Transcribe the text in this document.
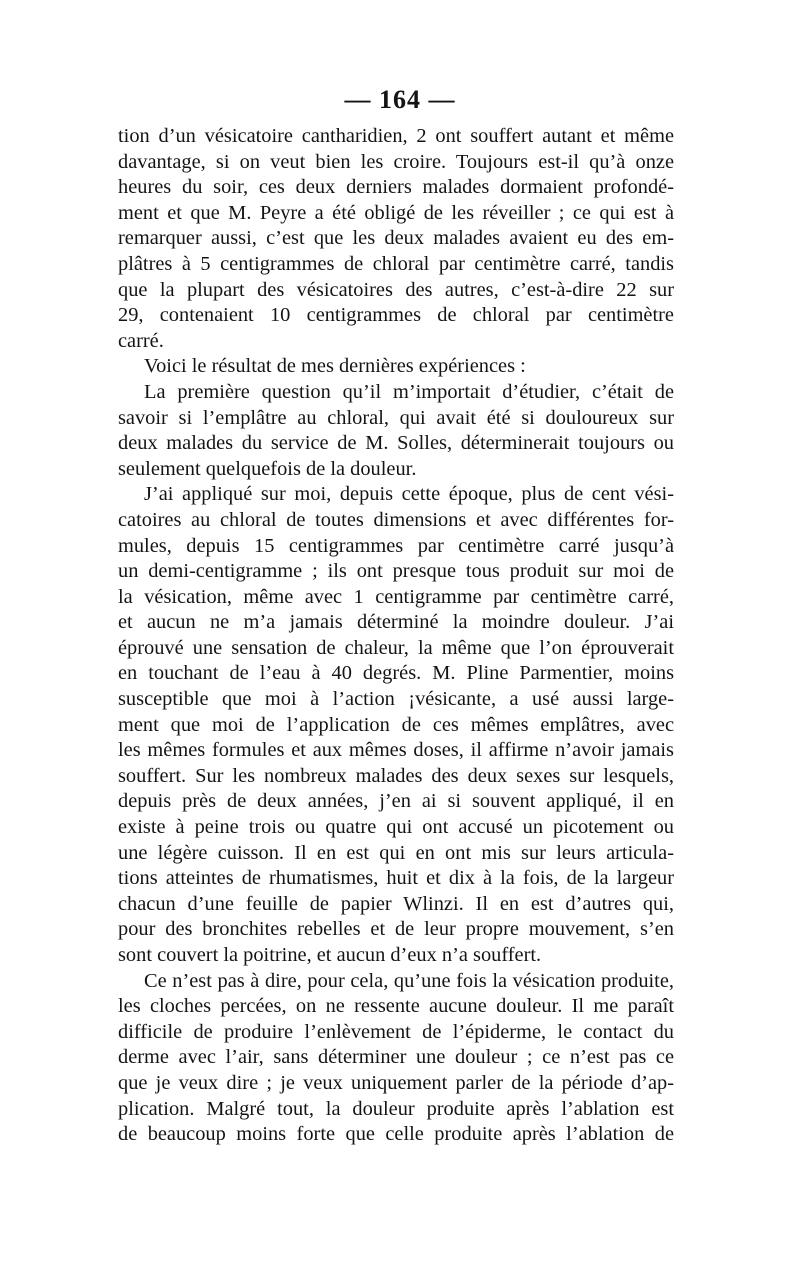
— 164 —
tion d’un vésicatoire cantharidien, 2 ont souffert autant et même
davantage, si on veut bien les croire. Toujours est-il qu’à onze
heures du soir, ces deux derniers malades dormaient profondé-
ment et que M. Peyre a été obligé de les réveiller ; ce qui est à
remarquer aussi, c’est que les deux malades avaient eu des em-
plâtres à 5 centigrammes de chloral par centimètre carré, tandis
que la plupart des vésicatoires des autres, c’est-à-dire 22 sur
29, contenaient 10 centigrammes de chloral par centimètre
carré.
Voici le résultat de mes dernières expériences :
La première question qu’il m’importait d’étudier, c’était de
savoir si l’emplâtre au chloral, qui avait été si douloureux sur
deux malades du service de M. Solles, déterminerait toujours ou
seulement quelquefois de la douleur.
J’ai appliqué sur moi, depuis cette époque, plus de cent vési-
catoires au chloral de toutes dimensions et avec différentes for-
mules, depuis 15 centigrammes par centimètre carré jusqu’à
un demi-centigramme ; ils ont presque tous produit sur moi de
la vésication, même avec 1 centigramme par centimètre carré,
et aucun ne m’a jamais déterminé la moindre douleur. J’ai
éprouvé une sensation de chaleur, la même que l’on éprouverait
en touchant de l’eau à 40 degrés. M. Pline Parmentier, moins
susceptible que moi à l’action ¡vésicante, a usé aussi large-
ment que moi de l’application de ces mêmes emplâtres, avec
les mêmes formules et aux mêmes doses, il affirme n’avoir jamais
souffert. Sur les nombreux malades des deux sexes sur lesquels,
depuis près de deux années, j’en ai si souvent appliqué, il en
existe à peine trois ou quatre qui ont accusé un picotement ou
une légère cuisson. Il en est qui en ont mis sur leurs articula-
tions atteintes de rhumatismes, huit et dix à la fois, de la largeur
chacun d’une feuille de papier Wlinzi. Il en est d’autres qui,
pour des bronchites rebelles et de leur propre mouvement, s’en
sont couvert la poitrine, et aucun d’eux n’a souffert.
Ce n’est pas à dire, pour cela, qu’une fois la vésication produite,
les cloches percées, on ne ressente aucune douleur. Il me paraît
difficile de produire l’enlèvement de l’épiderme, le contact du
derme avec l’air, sans déterminer une douleur ; ce n’est pas ce
que je veux dire ; je veux uniquement parler de la période d’ap-
plication. Malgré tout, la douleur produite après l’ablation est
de beaucoup moins forte que celle produite après l’ablation de
